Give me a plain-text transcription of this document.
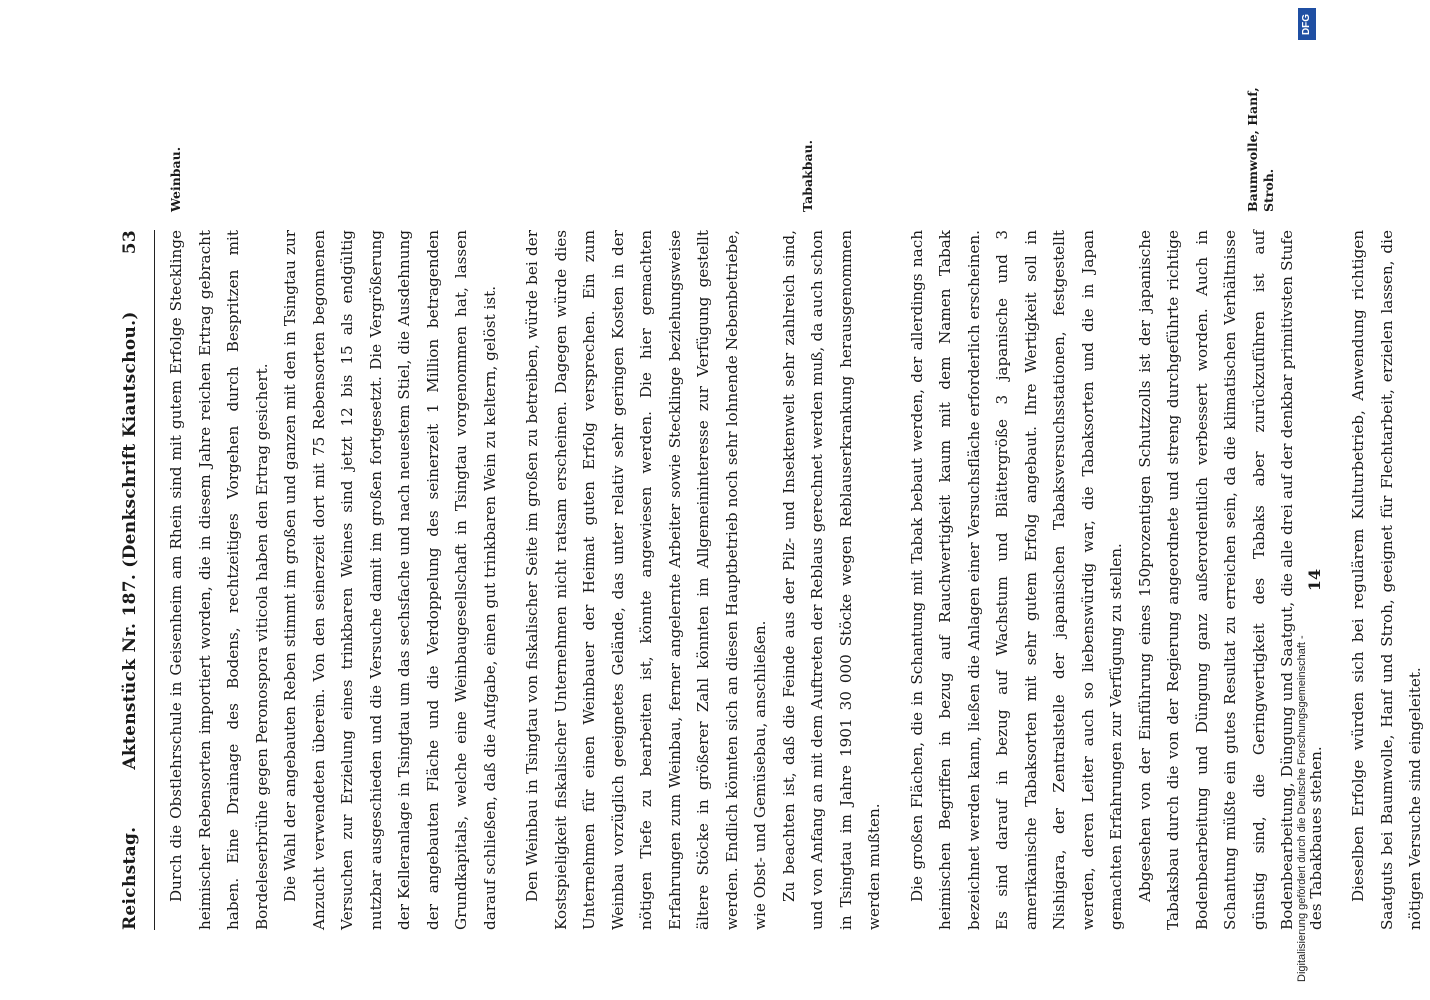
Reichstag.
Aktenstück Nr. 187. (Denkschrift Kiautschou.)
53	Durch die Obstlehrschule in Geisenheim am Rhein sind mit gutem Erfolge Stecklinge heimischer Rebensorten importiert worden, die in diesem Jahre reichen Ertrag gebracht haben. Eine Drainage des Bodens, rechtzeitiges Vorgehen durch Bespritzen mit Bordeleserbrühe gegen Peronospora viticola haben den Ertrag gesichert. Die Wahl der angebauten Reben stimmt im großen und ganzen mit den in Tsingtau zur Anzucht verwendeten überein. Von den seinerzeit dort mit 75 Rebensorten begonnenen Versuchen zur Erzielung eines trinkbaren Weines sind jetzt 12 bis 15 als endgültig nutzbar ausgeschieden und die Versuche damit im großen fortgesetzt. Die Vergrößerung der Kelleranlage in Tsingtau um das sechsfache und nach neuestem Stiel, die Ausdehnung der angebauten Fläche und die Verdoppelung des seinerzeit 1 Million betragenden Grundkapitals, welche eine Weinbaugesellschaft in Tsingtau vorgenommen hat, lassen darauf schließen, daß die Aufgabe, einen gut trinkbaren Wein zu keltern, gelöst ist.	Den Weinbau in Tsingtau von fiskalischer Seite im großen zu betreiben, würde bei der Kostspieligkeit fiskalischer Unternehmen nicht ratsam erscheinen. Dagegen würde dies Unternehmen für einen Weinbauer der Heimat guten Erfolg versprechen. Ein zum Weinbau vorzüglich geeignetes Gelände, das unter relativ sehr geringen Kosten in der nötigen Tiefe zu bearbeiten ist, könnte angewiesen werden. Die hier gemachten Erfahrungen zum Weinbau, ferner angelernte Arbeiter sowie Stecklinge beziehungsweise ältere Stöcke in größerer Zahl könnten im Allgemeininteresse zur Verfügung gestellt werden. Endlich könnten sich an diesen Hauptbetrieb noch sehr lohnende Nebenbetriebe, wie Obst- und Gemüsebau, anschließen. Zu beachten ist, daß die Feinde aus der Pilz- und Insektenwelt sehr zahlreich sind, und von Anfang an mit dem Auftreten der Reblaus gerechnet werden muß, da auch schon in Tsingtau im Jahre 1901 30 000 Stöcke wegen Reblauserkrankung herausgenommen werden mußten.	Die großen Flächen, die in Schantung mit Tabak bebaut werden, der allerdings nach heimischen Begriffen in bezug auf Rauchwertigkeit kaum mit dem Namen Tabak bezeichnet werden kann, ließen die Anlagen einer Versuchsfläche erforderlich erscheinen. Es sind darauf in bezug auf Wachstum und Blättergröße 3 japanische und 3 amerikanische Tabaksorten mit sehr gutem Erfolg angebaut. Ihre Wertigkeit soll in Nishigara, der Zentralstelle der japanischen Tabaksversuchsstationen, festgestellt werden, deren Leiter auch so liebenswürdig war, die Tabaksorten und die in Japan gemachten Erfahrungen zur Verfügung zu stellen. Abgesehen von der Einführung eines 150prozentigen Schutzzolls ist der japanische Tabaksbau durch die von der Regierung angeordnete und streng durchgeführte richtige Bodenbearbeitung und Düngung ganz außerordentlich verbessert worden. Auch in Schantung müßte ein gutes Resultat zu erreichen sein, da die klimatischen Verhältnisse günstig sind, die Geringwertigkeit des Tabaks aber zurückzuführen ist auf Bodenbearbeitung, Düngung und Saatgut, die alle drei auf der denkbar primitivsten Stufe des Tabakbaues stehen.	Dieselben Erfolge würden sich bei regulärem Kulturbetrieb, Anwendung richtigen Saatguts bei Baumwolle, Hanf und Stroh, geeignet für Flechtarbeit, erzielen lassen, die nötigen Versuche sind eingeleitet.

Weinbau.	Tabakbau.	Baumwolle, Hanf, Stroh.
14
Digitalisierung gefördert durch die Deutsche Forschungsgemeinschaft -
DFG
